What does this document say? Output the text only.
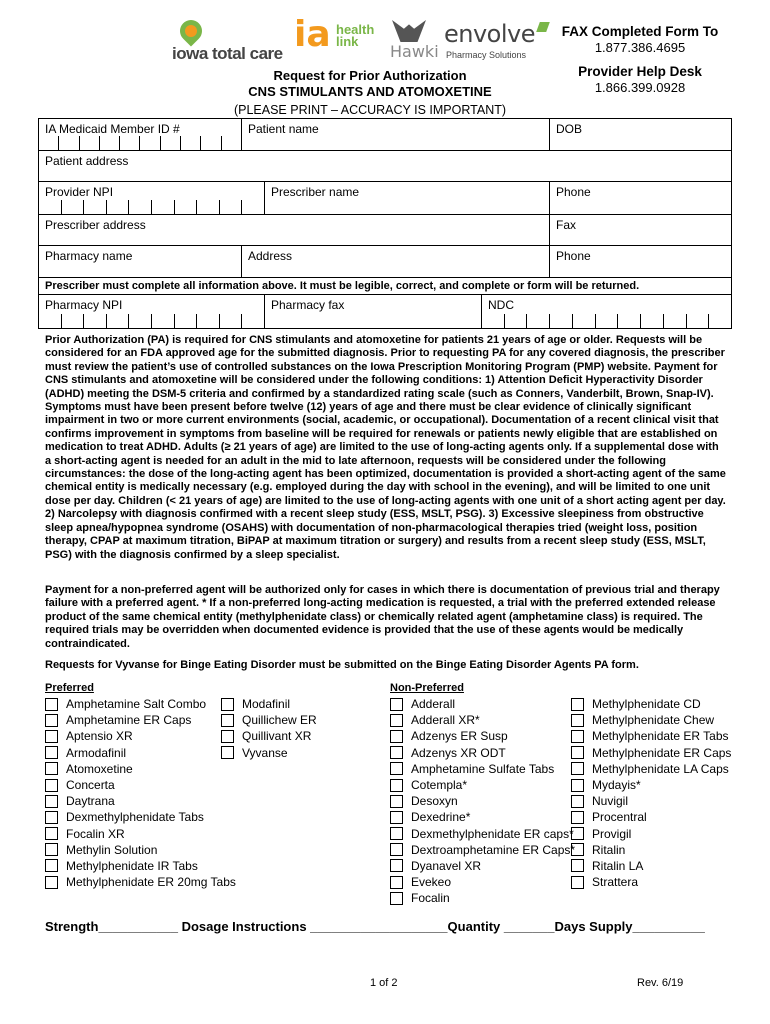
iowa total care ia health link
Hawki
envolve
Pharmacy Solutions
FAX Completed Form To
1.877.386.4695
Provider Help Desk
1.866.399.0928
Request for Prior Authorization
CNS STIMULANTS AND ATOMOXETINE
(PLEASE PRINT – ACCURACY IS IMPORTANT)
IA Medicaid Member ID #	Patient name	DOB
Patient address
Provider NPI	Prescriber name	Phone
Prescriber address	Fax
Pharmacy name	Address	Phone
Prescriber must complete all information above. It must be legible, correct, and complete or form will be returned.
Pharmacy NPI	Pharmacy fax	NDC
Prior Authorization (PA) is required for CNS stimulants and atomoxetine for patients 21 years of age or older. Requests will be considered for an FDA approved age for the submitted diagnosis. Prior to requesting PA for any covered diagnosis, the prescriber must review the patient’s use of controlled substances on the Iowa Prescription Monitoring Program (PMP) website. Payment for CNS stimulants and atomoxetine will be considered under the following conditions: 1) Attention Deficit Hyperactivity Disorder (ADHD) meeting the DSM-5 criteria and confirmed by a standardized rating scale (such as Conners, Vanderbilt, Brown, Snap-IV). Symptoms must have been present before twelve (12) years of age and there must be clear evidence of clinically significant impairment in two or more current environments (social, academic, or occupational). Documentation of a recent clinical visit that confirms improvement in symptoms from baseline will be required for renewals or patients newly eligible that are established on medication to treat ADHD. Adults (≥ 21 years of age) are limited to the use of long-acting agents only. If a supplemental dose with a short-acting agent is needed for an adult in the mid to late afternoon, requests will be considered under the following circumstances: the dose of the long-acting agent has been optimized, documentation is provided a short-acting agent of the same chemical entity is medically necessary (e.g. employed during the day with school in the evening), and will be limited to one unit dose per day. Children (< 21 years of age) are limited to the use of long-acting agents with one unit of a short acting agent per day. 2) Narcolepsy with diagnosis confirmed with a recent sleep study (ESS, MSLT, PSG). 3) Excessive sleepiness from obstructive sleep apnea/hypopnea syndrome (OSAHS) with documentation of non-pharmacological therapies tried (weight loss, position therapy, CPAP at maximum titration, BiPAP at maximum titration or surgery) and results from a recent sleep study (ESS, MSLT, PSG) with the diagnosis confirmed by a sleep specialist.
Payment for a non-preferred agent will be authorized only for cases in which there is documentation of previous trial and therapy failure with a preferred agent. * If a non-preferred long-acting medication is requested, a trial with the preferred extended release product of the same chemical entity (methylphenidate class) or chemically related agent (amphetamine class) is required. The required trials may be overridden when documented evidence is provided that the use of these agents would be medically contraindicated.
Requests for Vyvanse for Binge Eating Disorder must be submitted on the Binge Eating Disorder Agents PA form.
Preferred	Non-Preferred
Amphetamine Salt Combo
Amphetamine ER Caps
Aptensio XR
Armodafinil
Atomoxetine
Concerta
Daytrana
Dexmethylphenidate Tabs
Focalin XR
Methylin Solution
Methylphenidate IR Tabs
Methylphenidate ER 20mg Tabs
Modafinil
Quillichew ER
Quillivant XR
Vyvanse
Adderall
Adderall XR*
Adzenys ER Susp
Adzenys XR ODT
Amphetamine Sulfate Tabs
Cotempla*
Desoxyn
Dexedrine*
Dexmethylphenidate ER caps*
Dextroamphetamine ER Caps*
Dyanavel XR
Evekeo
Focalin
Methylphenidate CD
Methylphenidate Chew
Methylphenidate ER Tabs
Methylphenidate ER Caps
Methylphenidate LA Caps
Mydayis*
Nuvigil
Procentral
Provigil
Ritalin
Ritalin LA
Strattera
Strength___________ Dosage Instructions ___________________Quantity _______Days Supply__________
1 of 2	Rev. 6/19
